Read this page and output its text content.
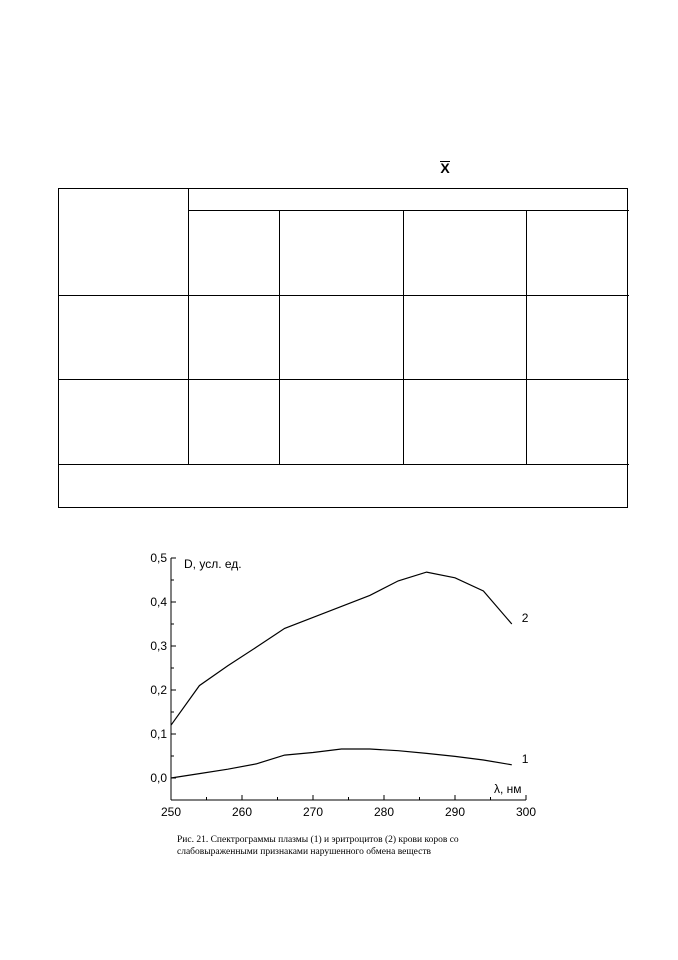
X
0,0
0,1
0,2
0,3
0,4
0,5
250	260	270	280	290	300
1
2
D, усл. ед.
λ, нм
Рис. 21. Спектрограммы плазмы (1) и эритроцитов (2) крови коров со слабовыраженными признаками нарушенного обмена веществ
